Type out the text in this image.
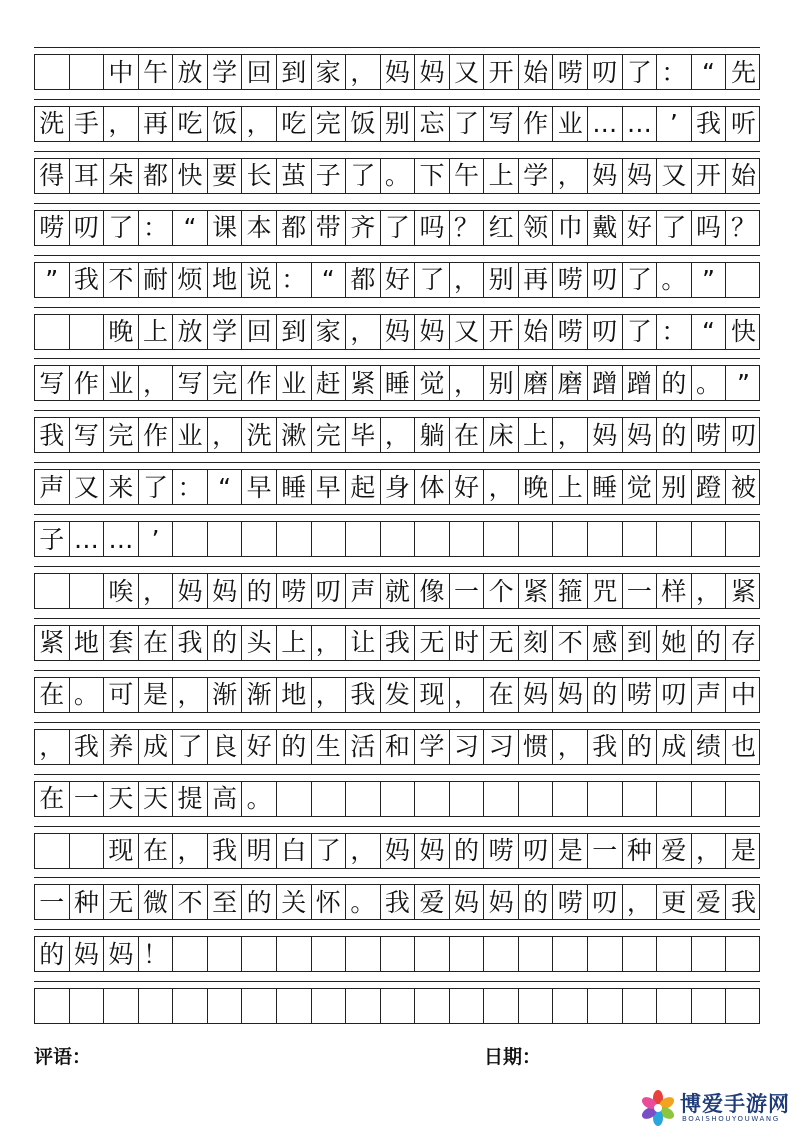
中 午 放 学 回 到 家 ， 妈 妈 又 开 始 唠 叨 了 ： “ 先
洗 手 ， 再 吃 饭 ， 吃 完 饭 别 忘 了 写 作 业 … … ’ 我 听
得 耳 朵 都 快 要 长 茧 子 了 。 下 午 上 学 ， 妈 妈 又 开 始
唠 叨 了 ： “ 课 本 都 带 齐 了 吗 ？ 红 领 巾 戴 好 了 吗 ？
” 我 不 耐 烦 地 说 ： “ 都 好 了 ， 别 再 唠 叨 了 。 ”
晚 上 放 学 回 到 家 ， 妈 妈 又 开 始 唠 叨 了 ： “ 快
写 作 业 ， 写 完 作 业 赶 紧 睡 觉 ， 别 磨 磨 蹭 蹭 的 。 ”
我 写 完 作 业 ， 洗 漱 完 毕 ， 躺 在 床 上 ， 妈 妈 的 唠 叨
声 又 来 了 ： “ 早 睡 早 起 身 体 好 ， 晚 上 睡 觉 别 蹬 被
子 … … ’
唉 ， 妈 妈 的 唠 叨 声 就 像 一 个 紧 箍 咒 一 样 ， 紧
紧 地 套 在 我 的 头 上 ， 让 我 无 时 无 刻 不 感 到 她 的 存
在 。 可 是 ， 渐 渐 地 ， 我 发 现 ， 在 妈 妈 的 唠 叨 声 中
， 我 养 成 了 良 好 的 生 活 和 学 习 习 惯 ， 我 的 成 绩 也
在 一 天 天 提 高 。
现 在 ， 我 明 白 了 ， 妈 妈 的 唠 叨 是 一 种 爱 ， 是
一 种 无 微 不 至 的 关 怀 。 我 爱 妈 妈 的 唠 叨 ， 更 爱 我
的 妈 妈 ！
评语：	日期：
博爱手游网
BOAISHOUYOUWANG
